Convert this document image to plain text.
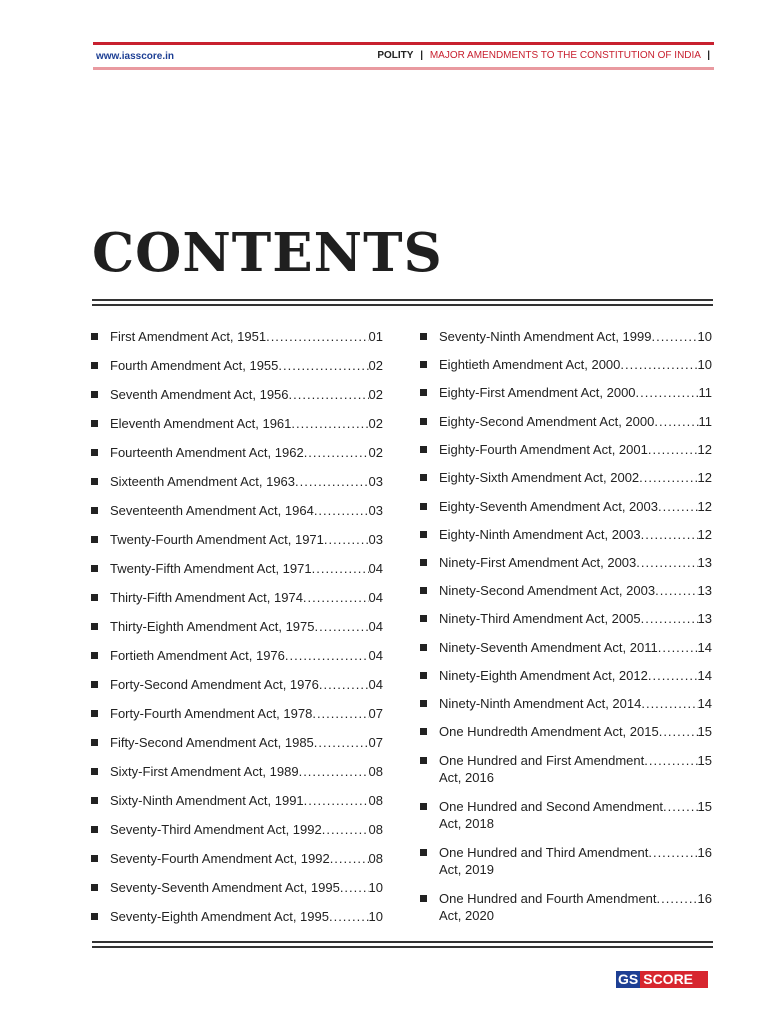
www.iasscore.in	POLITY | MAJOR AMENDMENTS TO THE CONSTITUTION OF INDIA |
CONTENTS
First Amendment Act, 1951 .....	01
Fourth Amendment Act, 1955 .....	02
Seventh Amendment Act, 1956 .....	02
Eleventh Amendment Act, 1961 .....	02
Fourteenth Amendment Act, 1962 .....	02
Sixteenth Amendment Act, 1963 .....	03
Seventeenth Amendment Act, 1964 .....	03
Twenty-Fourth Amendment Act, 1971 .....	03
Twenty-Fifth Amendment Act, 1971 .....	04
Thirty-Fifth Amendment Act, 1974 .....	04
Thirty-Eighth Amendment Act, 1975 .....	04
Fortieth Amendment Act, 1976 .....	04
Forty-Second Amendment Act, 1976 .....	04
Forty-Fourth Amendment Act, 1978 .....	07
Fifty-Second Amendment Act, 1985 .....	07
Sixty-First Amendment Act, 1989 .....	08
Sixty-Ninth Amendment Act, 1991 .....	08
Seventy-Third Amendment Act, 1992 .....	08
Seventy-Fourth Amendment Act, 1992 .....	08
Seventy-Seventh Amendment Act, 1995 ..... 10
Seventy-Eighth Amendment Act, 1995 .....	10
Seventy-Ninth Amendment Act, 1999 .....	10
Eightieth Amendment Act, 2000 .....	10
Eighty-First Amendment Act, 2000 .....	11
Eighty-Second Amendment Act, 2000 .....	11
Eighty-Fourth Amendment Act, 2001 .....	12
Eighty-Sixth Amendment Act, 2002 .....	12
Eighty-Seventh Amendment Act, 2003 .....	12
Eighty-Ninth Amendment Act, 2003 .....	12
Ninety-First Amendment Act, 2003 .....	13
Ninety-Second Amendment Act, 2003 .....	13
Ninety-Third Amendment Act, 2005 .....	13
Ninety-Seventh Amendment Act, 2011 .....	14
Ninety-Eighth Amendment Act, 2012 .....	14
Ninety-Ninth Amendment Act, 2014 .....	14
One Hundredth Amendment Act, 2015 .....	15
One Hundred and First Amendment .....	15
Act, 2016
One Hundred and Second Amendment .....	15
Act, 2018
One Hundred and Third Amendment .....	16
Act, 2019
One Hundred and Fourth Amendment .....	16
Act, 2020
GS SCORE
